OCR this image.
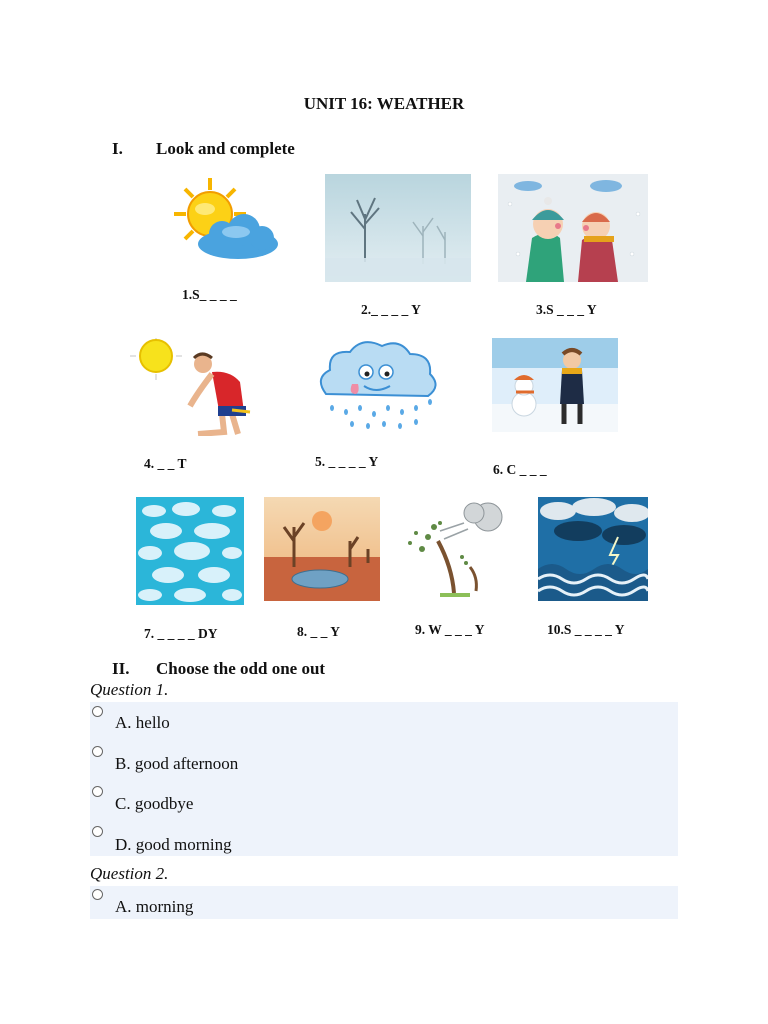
UNIT 16: WEATHER
I. Look and complete
1.S_ _ _ _
2._ _ _ _ Y	3.S _ _ _ Y
4. _ _ T	5. _ _ _ _ Y
6. C _ _ _
7. _ _ _ _ DY	8. _ _ Y	9. W _ _ _ Y	10.S _ _ _ _ Y
II. Choose the odd one out
Question 1.
A. hello
B. good afternoon
C. goodbye
D. good morning
Question 2.
A. morning
